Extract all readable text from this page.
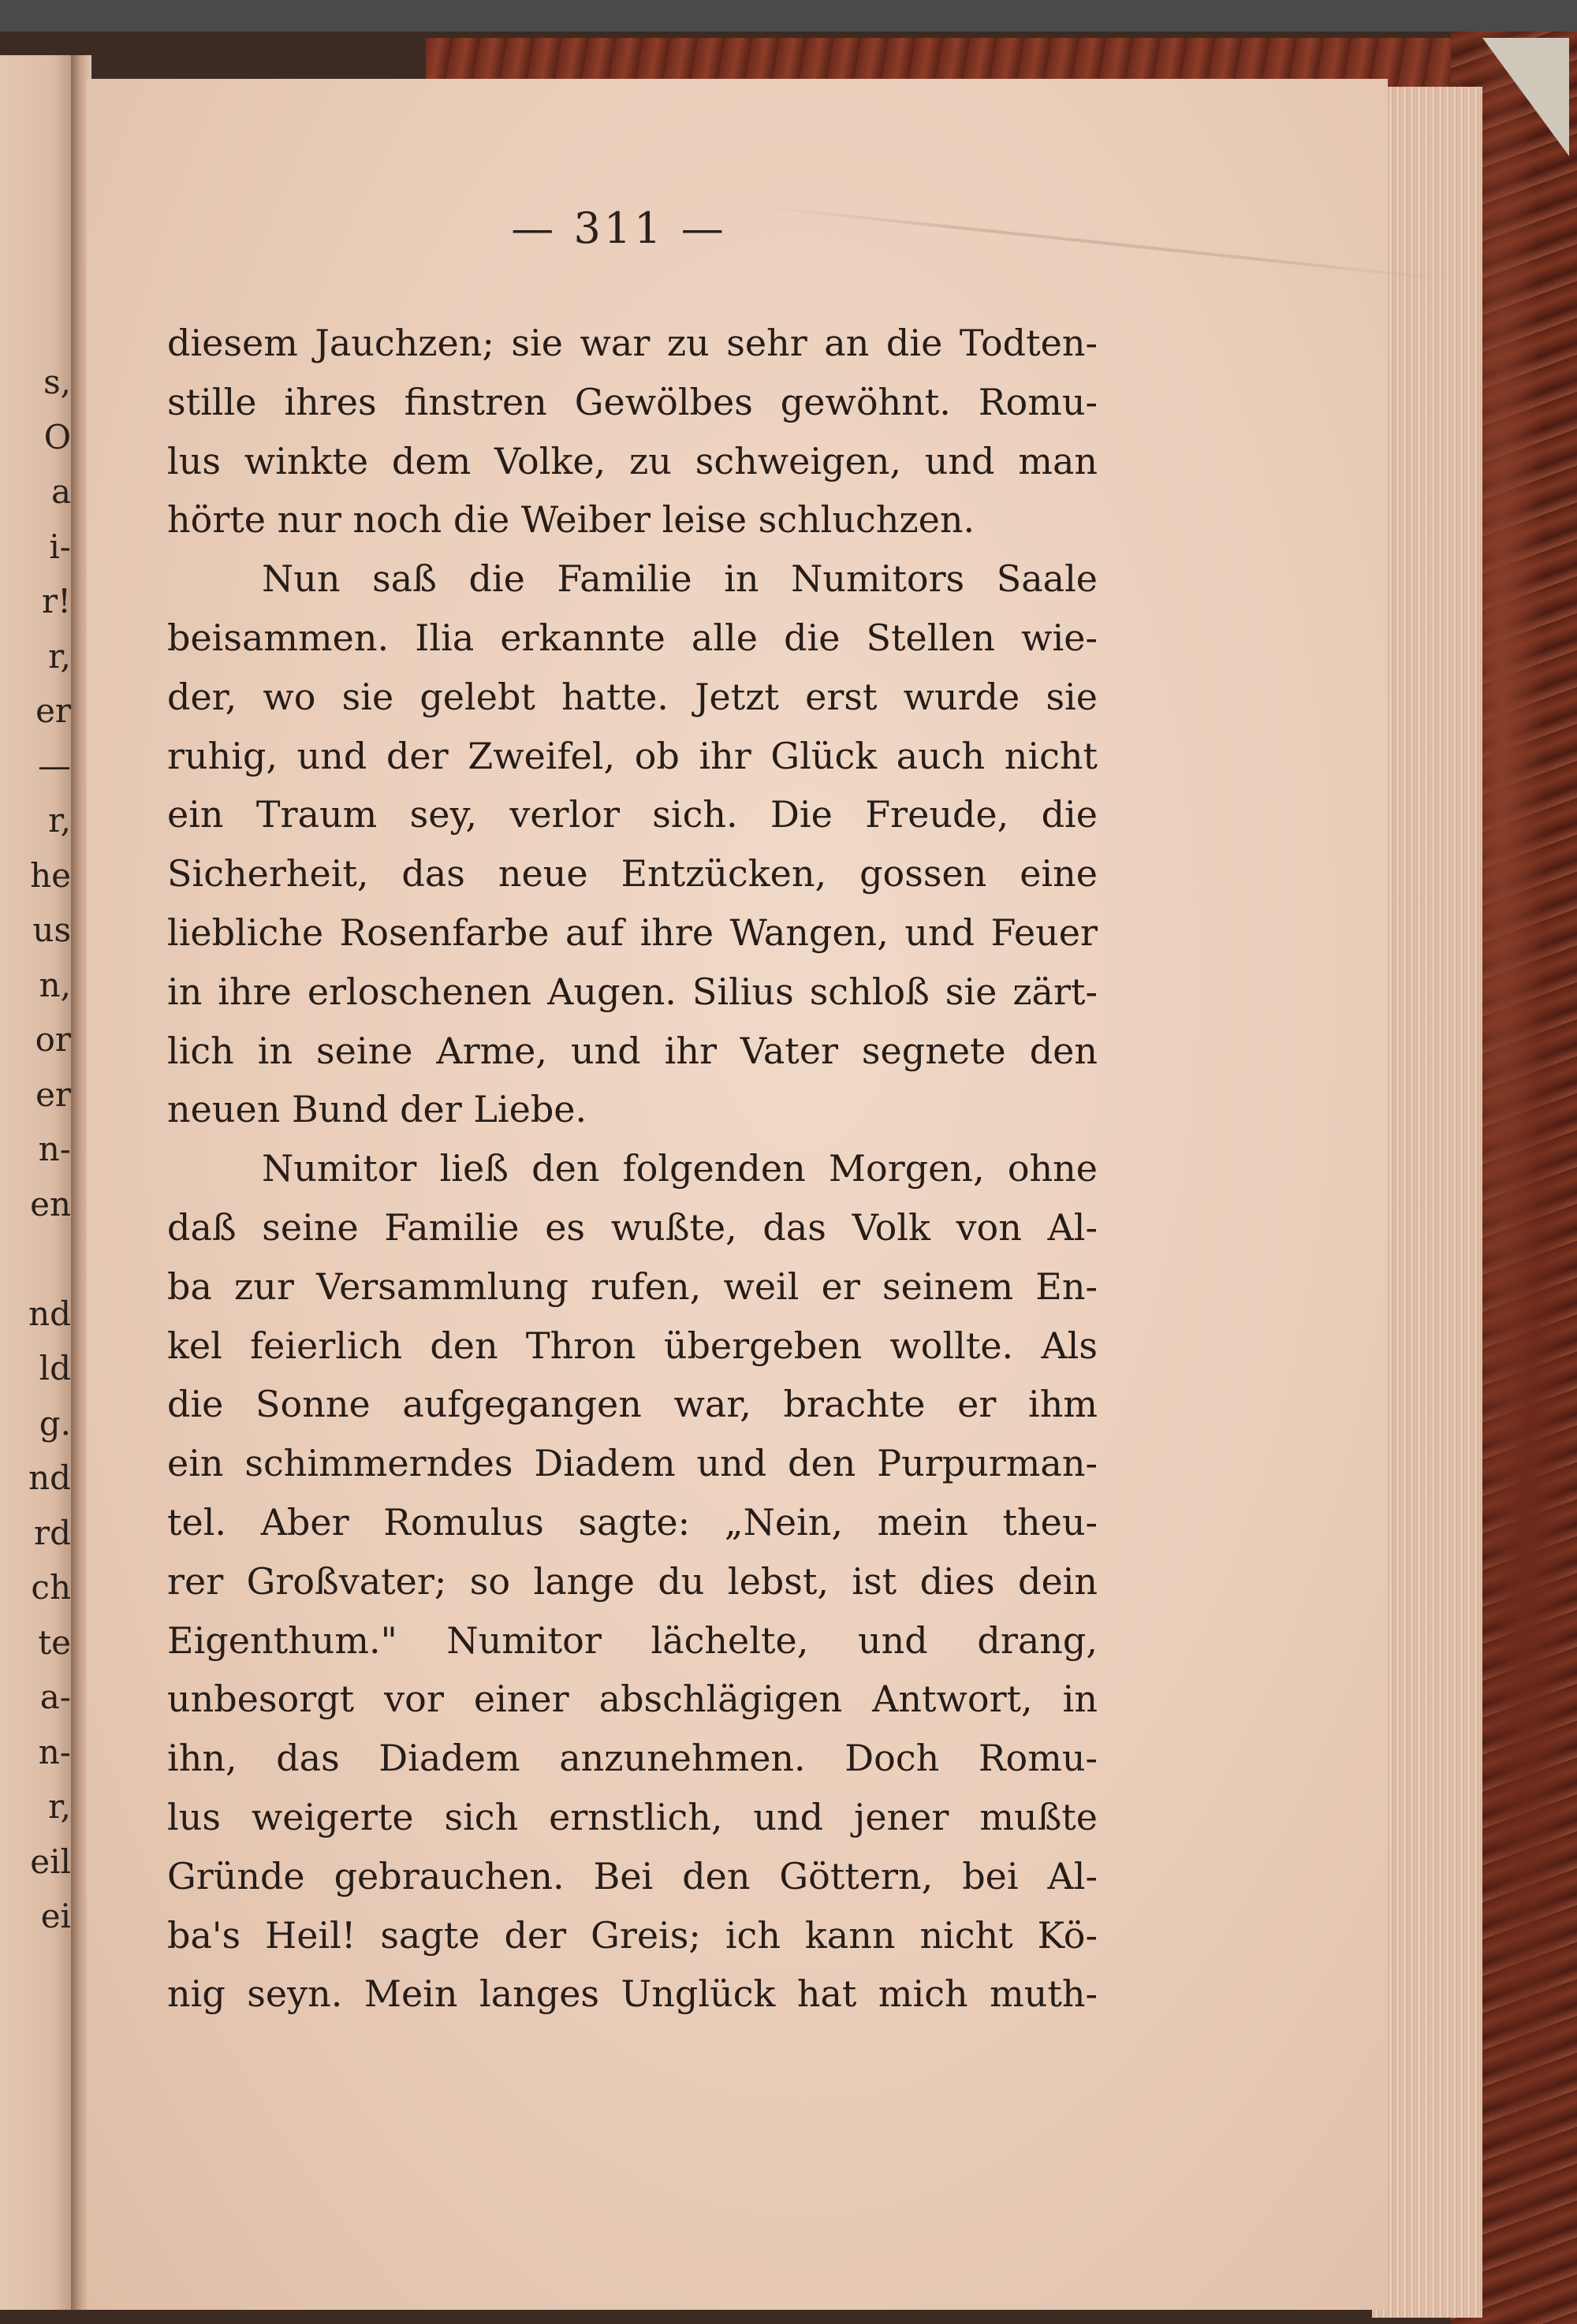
s,
O
a
i-
r!
r,
er
—
r,
he
us
n,
or
er
n-
en
nd
ld
g.
nd
rd
ch
te
a-
n-
r,
eil
ei
— 311 —
diesem Jauchzen; sie war zu sehr an die Todten-
stille ihres finstren Gewölbes gewöhnt. Romu-
lus winkte dem Volke, zu schweigen, und man
hörte nur noch die Weiber leise schluchzen.
Nun saß die Familie in Numitors Saale
beisammen. Ilia erkannte alle die Stellen wie-
der, wo sie gelebt hatte. Jetzt erst wurde sie
ruhig, und der Zweifel, ob ihr Glück auch nicht
ein Traum sey, verlor sich. Die Freude, die
Sicherheit, das neue Entzücken, gossen eine
liebliche Rosenfarbe auf ihre Wangen, und Feuer
in ihre erloschenen Augen. Silius schloß sie zärt-
lich in seine Arme, und ihr Vater segnete den
neuen Bund der Liebe.
Numitor ließ den folgenden Morgen, ohne
daß seine Familie es wußte, das Volk von Al-
ba zur Versammlung rufen, weil er seinem En-
kel feierlich den Thron übergeben wollte. Als
die Sonne aufgegangen war, brachte er ihm
ein schimmerndes Diadem und den Purpurman-
tel. Aber Romulus sagte: „Nein, mein theu-
rer Großvater; so lange du lebst, ist dies dein
Eigenthum." Numitor lächelte, und drang,
unbesorgt vor einer abschlägigen Antwort, in
ihn, das Diadem anzunehmen. Doch Romu-
lus weigerte sich ernstlich, und jener mußte
Gründe gebrauchen. Bei den Göttern, bei Al-
ba's Heil! sagte der Greis; ich kann nicht Kö-
nig seyn. Mein langes Unglück hat mich muth-
